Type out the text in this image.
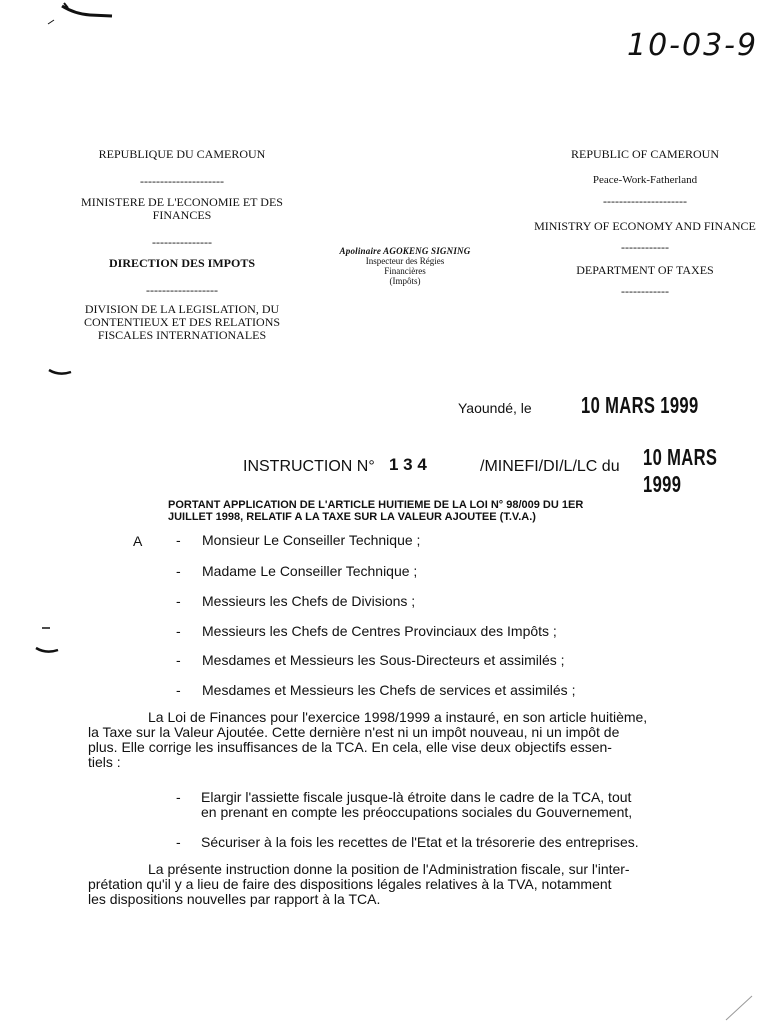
10-03-9

REPUBLIQUE DU CAMEROUN

---------------------

MINISTERE DE L'ECONOMIE ET DES FINANCES

---------------

DIRECTION DES IMPOTS

------------------

DIVISION DE LA LEGISLATION, DU CONTENTIEUX ET DES RELATIONS FISCALES INTERNATIONALES

REPUBLIC OF CAMEROUN

Peace-Work-Fatherland

---------------------

MINISTRY OF ECONOMY AND FINANCE

------------

DEPARTMENT OF TAXES

------------

Apolinaire AGOKENG SIGNING
Inspecteur des Régies
Financières
(Impôts)
Yaoundé, le 10 MARS 1999
INSTRUCTION N° 1 3 4	/MINEFI/DI/L/LC du 10 MARS 1999
PORTANT APPLICATION DE L'ARTICLE HUITIEME DE LA LOI N° 98/009 DU 1ER
JUILLET 1998, RELATIF A LA TAXE SUR LA VALEUR AJOUTEE (T.V.A.)
A - Monsieur Le Conseiller Technique ;
- Madame Le Conseiller Technique ;
- Messieurs les Chefs de Divisions ;
- Messieurs les Chefs de Centres Provinciaux des Impôts ;
- Mesdames et Messieurs les Sous-Directeurs et assimilés ;
- Mesdames et Messieurs les Chefs de services et assimilés ;

La Loi de Finances pour l'exercice 1998/1999 a instauré, en son article huitième,

la Taxe sur la Valeur Ajoutée. Cette dernière n'est ni un impôt nouveau, ni un impôt de

plus. Elle corrige les insuffisances de la TCA. En cela, elle vise deux objectifs essen-

tiels :

- Elargir l'assiette fiscale jusque-là étroite dans le cadre de la TCA, tout
en prenant en compte les préoccupations sociales du Gouvernement,
- Sécuriser à la fois les recettes de l'Etat et la trésorerie des entreprises.

La présente instruction donne la position de l'Administration fiscale, sur l'inter-

prétation qu'il y a lieu de faire des dispositions légales relatives à la TVA, notamment

les dispositions nouvelles par rapport à la TCA.
